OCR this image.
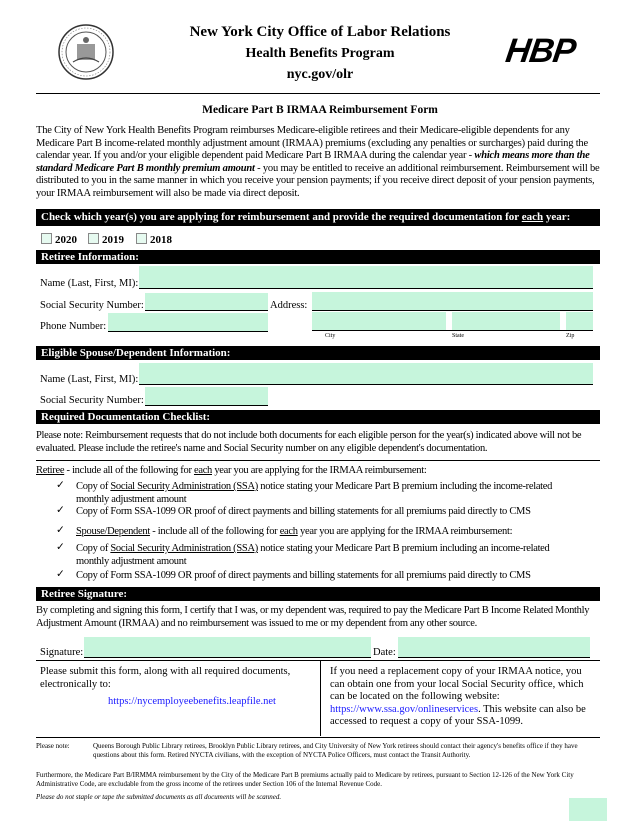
New York City Office of Labor Relations
Health Benefits Program
nyc.gov/olr
HBP
Medicare Part B IRMAA Reimbursement Form
The City of New York Health Benefits Program reimburses Medicare-eligible retirees and their Medicare-eligible dependents for any Medicare Part B income-related monthly adjustment amount (IRMAA) premiums (excluding any penalties or surcharges) paid during the calendar year. If you and/or your eligible dependent paid Medicare Part B IRMAA during the calendar year - which means more than the standard Medicare Part B monthly premium amount - you may be entitled to receive an additional reimbursement. Reimbursement will be distributed to you in the same manner in which you receive your pension payments; if you receive direct deposit of your pension payments, your IRMAA reimbursement will also be made via direct deposit.
Check which year(s) you are applying for reimbursement and provide the required documentation for each year:
2020	2019	2018
Retiree Information:
Name (Last, First, MI):
Social Security Number:	Address:
Phone Number:
City	State	Zip
Eligible Spouse/Dependent Information:
Name (Last, First, MI):
Social Security Number:
Required Documentation Checklist:
Please note: Reimbursement requests that do not include both documents for each eligible person for the year(s) indicated above will not be evaluated. Please include the retiree's name and Social Security number on any eligible dependent's documentation.
Retiree - include all of the following for each year you are applying for the IRMAA reimbursement:
✓ Copy of Social Security Administration (SSA) notice stating your Medicare Part B premium including the income-related monthly adjustment amount
✓ Copy of Form SSA-1099 OR proof of direct payments and billing statements for all premiums paid directly to CMS
✓ Spouse/Dependent - include all of the following for each year you are applying for the IRMAA reimbursement:
✓ Copy of Social Security Administration (SSA) notice stating your Medicare Part B premium including an income-related monthly adjustment amount
✓ Copy of Form SSA-1099 OR proof of direct payments and billing statements for all premiums paid directly to CMS
Retiree Signature:
By completing and signing this form, I certify that I was, or my dependent was, required to pay the Medicare Part B Income Related Monthly Adjustment Amount (IRMAA) and no reimbursement was issued to me or my dependent from any other source.
Signature:	Date:
Please submit this form, along with all required documents, electronically to:
https://nycemployeebenefits.leapfile.net
If you need a replacement copy of your IRMAA notice, you can obtain one from your local Social Security office, which can be located on the following website: https://www.ssa.gov/onlineservices. This website can also be accessed to request a copy of your SSA-1099.
Please note:	Queens Borough Public Library retirees, Brooklyn Public Library retirees, and City University of New York retirees should contact their agency's benefits office if they have questions about this form. Retired NYCTA civilians, with the exception of NYCTA Police Officers, must contact the Transit Authority.
Furthermore, the Medicare Part B/IRMMA reimbursement by the City of the Medicare Part B premiums actually paid to Medicare by retirees, pursuant to Section 12-126 of the New York City Administrative Code, are excludable from the gross income of the retirees under Section 106 of the Internal Revenue Code.
Please do not staple or tape the submitted documents as all documents will be scanned.
